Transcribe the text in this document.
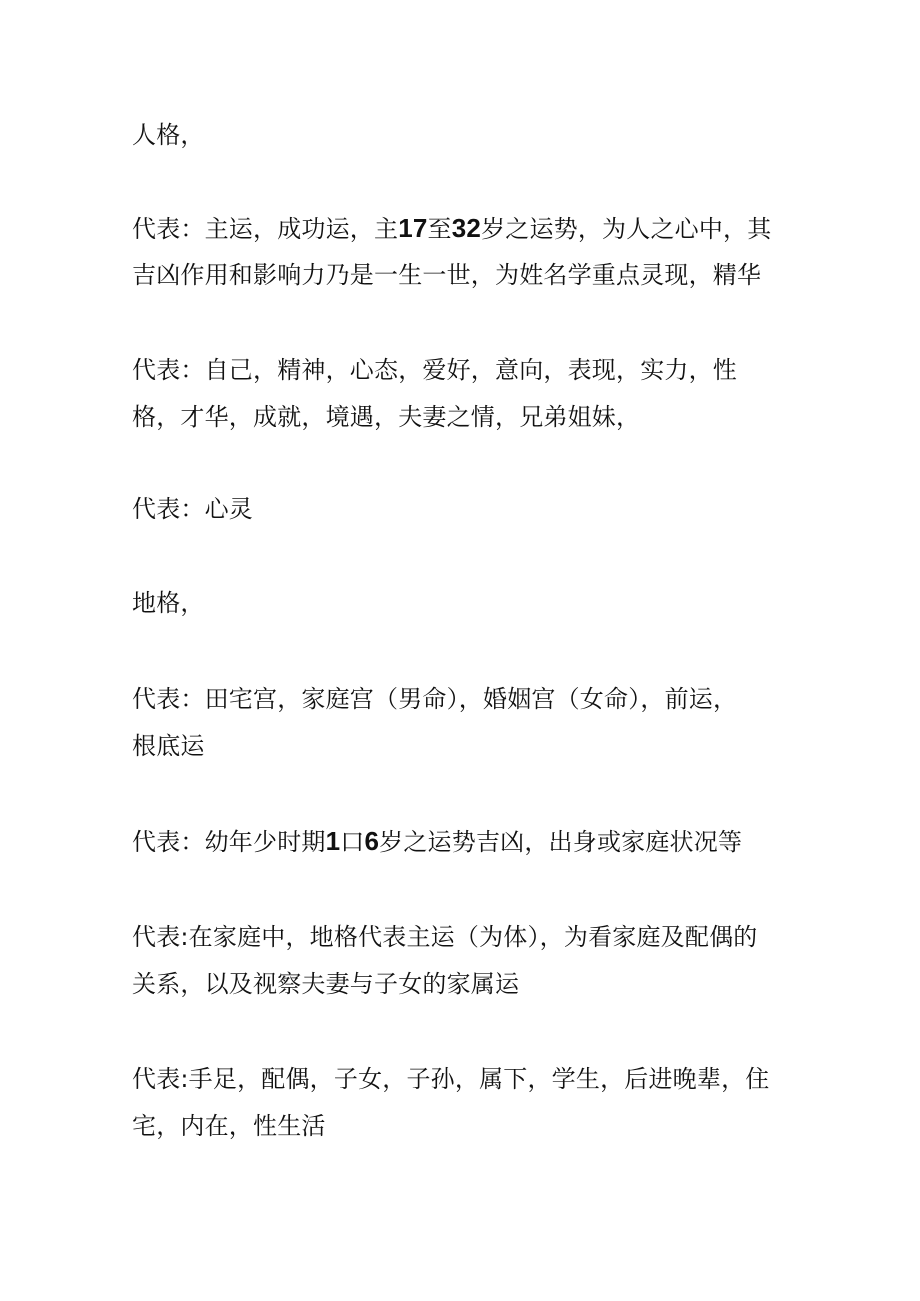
人格，

代表：主运，成功运，主17至32岁之运势，为人之心中，其
吉凶作用和影响力乃是一生一世，为姓名学重点灵现，精华

代表：自己，精神，心态，爱好，意向，表现，实力，性
格，才华，成就，境遇，夫妻之情，兄弟姐妹，

代表：心灵

地格，

代表：田宅宫，家庭宫（男命），婚姻宫（女命），前运，
根底运

代表：幼年少时期1口6岁之运势吉凶，出身或家庭状况等

代表:在家庭中，地格代表主运（为体），为看家庭及配偶的
关系，以及视察夫妻与子女的家属运

代表:手足，配偶，子女，子孙，属下，学生，后进晚辈，住
宅，内在，性生活
